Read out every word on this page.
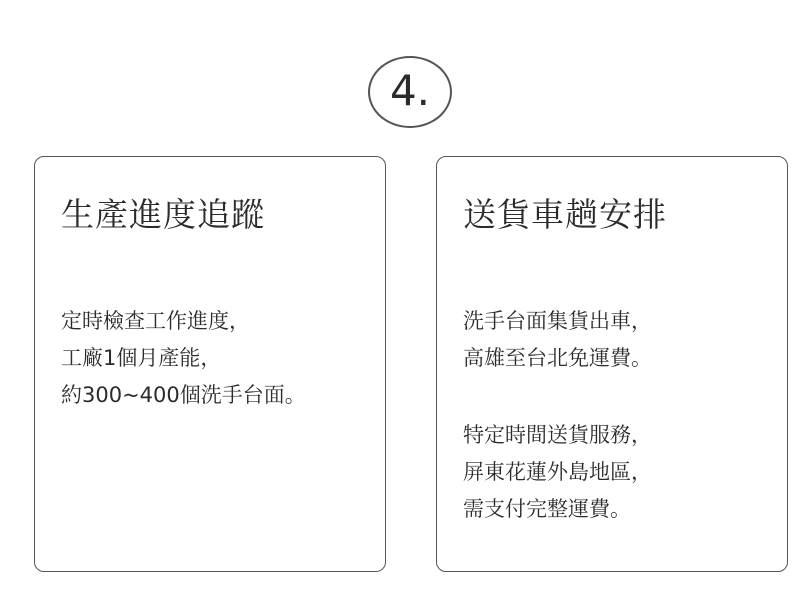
4.
生產進度追蹤
定時檢查工作進度，
工廠1個月產能，
約300~400個洗手台面。
送貨車趟安排
洗手台面集貨出車，
高雄至台北免運費。
特定時間送貨服務，
屏東花蓮外島地區，
需支付完整運費。
